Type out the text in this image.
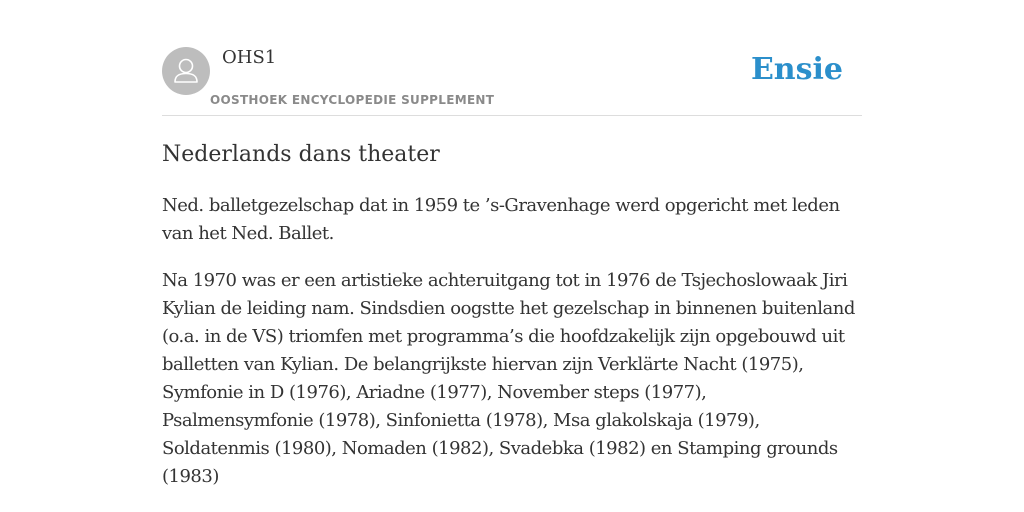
OHS1
OOSTHOEK ENCYCLOPEDIE SUPPLEMENT
Ensie
Nederlands dans theater

Ned. balletgezelschap dat in 1959 te ’s-Gravenhage werd opgericht met leden van het Ned. Ballet.

Na 1970 was er een artistieke achteruitgang tot in 1976 de Tsjechoslowaak Jiri Kylian de leiding nam. Sindsdien oogstte het gezelschap in binnenen buitenland (o.a. in de VS) triomfen met programma’s die hoofdzakelijk zijn opgebouwd uit balletten van Kylian. De belangrijkste hiervan zijn Verklärte Nacht (1975), Symfonie in D (1976), Ariadne (1977), November steps (1977), Psalmensymfonie (1978), Sinfonietta (1978), Msa glakolskaja (1979), Soldatenmis (1980), Nomaden (1982), Svadebka (1982) en Stamping grounds (1983)
